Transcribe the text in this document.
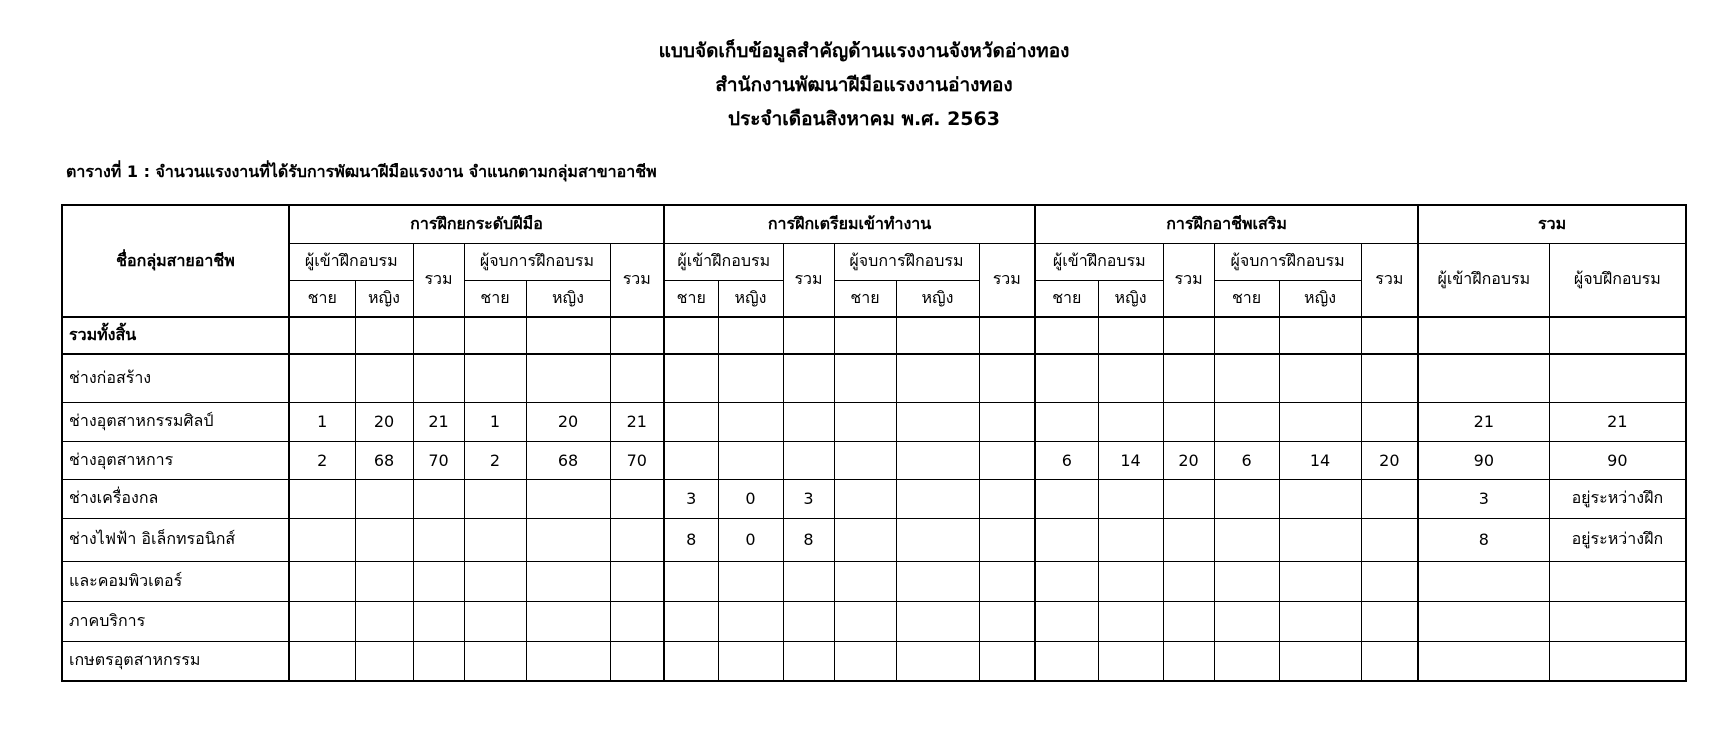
แบบจัดเก็บข้อมูลสำคัญด้านแรงงานจังหวัดอ่างทอง
สำนักงานพัฒนาฝีมือแรงงานอ่างทอง
ประจำเดือนสิงหาคม พ.ศ. 2563
ตารางที่ 1 : จำนวนแรงงานที่ได้รับการพัฒนาฝีมือแรงงาน จำแนกตามกลุ่มสาขาอาชีพ
ชื่อกลุ่มสายอาชีพ	การฝึกยกระดับฝีมือ						การฝึกเตรียมเข้าทำงาน						การฝึกอาชีพเสริม						รวม	
	ผู้เข้าฝึกอบรม		รวม	ผู้จบการฝึกอบรม		รวม	ผู้เข้าฝึกอบรม		รวม	ผู้จบการฝึกอบรม		รวม	ผู้เข้าฝึกอบรม		รวม	ผู้จบการฝึกอบรม		รวม	ผู้เข้าฝึกอบรม	ผู้จบฝึกอบรม
	ชาย	หญิง		ชาย	หญิง		ชาย	หญิง		ชาย	หญิง		ชาย	หญิง		ชาย	หญิง			
รวมทั้งสิ้น																				
ช่างก่อสร้าง																				
ช่างอุตสาหกรรมศิลป์	1	20	21	1	20	21													21	21
ช่างอุตสาหการ	2	68	70	2	68	70							6	14	20	6	14	20	90	90
ช่างเครื่องกล							3	0	3										3	อยู่ระหว่างฝึก
ช่างไฟฟ้า อิเล็กทรอนิกส์							8	0	8										8	อยู่ระหว่างฝึก
และคอมพิวเตอร์																				
ภาคบริการ																				
เกษตรอุตสาหกรรม																				
